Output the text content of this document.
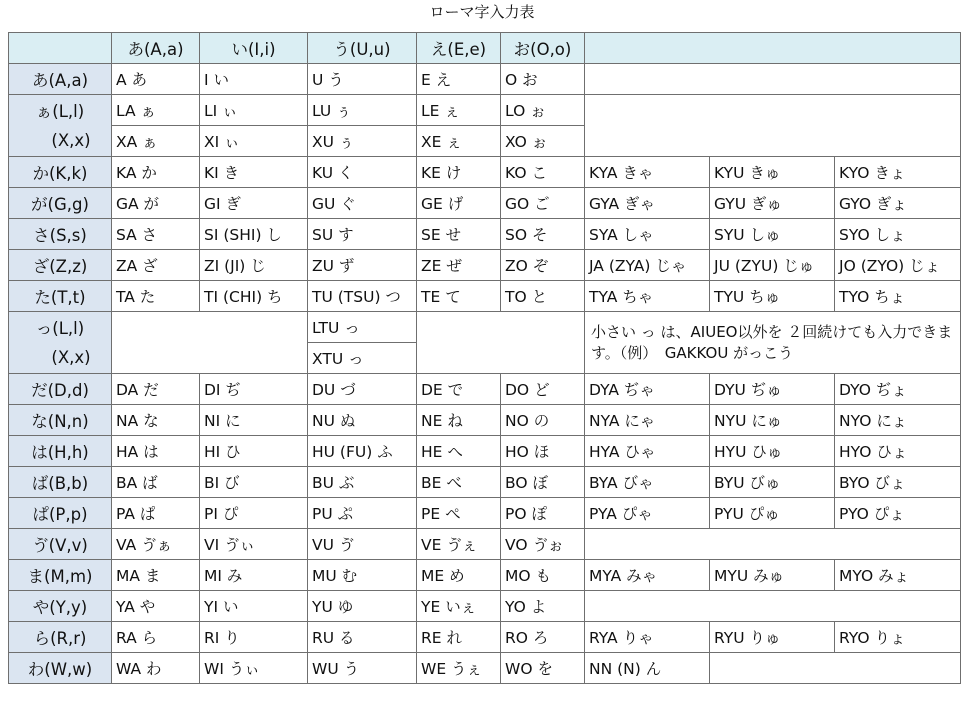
ローマ字入力表
	あ(A,a)	い(I,i)	う(U,u)	え(E,e)	お(O,o)			
あ(A,a)	A あ	I い	U う	E え	O お			
ぁ(L,l)	LA ぁ	LI ぃ	LU ぅ	LE ぇ	LO ぉ			
(X,x)	XA ぁ	XI ぃ	XU ぅ	XE ぇ	XO ぉ			
か(K,k)	KA か	KI き	KU く	KE け	KO こ	KYA きゃ	KYU きゅ	KYO きょ
が(G,g)	GA が	GI ぎ	GU ぐ	GE げ	GO ご	GYA ぎゃ	GYU ぎゅ	GYO ぎょ
さ(S,s)	SA さ	SI (SHI) し	SU す	SE せ	SO そ	SYA しゃ	SYU しゅ	SYO しょ
ざ(Z,z)	ZA ざ	ZI (JI) じ	ZU ず	ZE ぜ	ZO ぞ	JA (ZYA) じゃ	JU (ZYU) じゅ	JO (ZYO) じょ
た(T,t)	TA た	TI (CHI) ち	TU (TSU) つ	TE て	TO と	TYA ちゃ	TYU ちゅ	TYO ちょ
っ(L,l)			LTU っ			小さい っ は、AIUEO以外を ２回続けても入力できます。（例）　GAKKOU がっこう		
(X,x)			XTU っ					
だ(D,d)	DA だ	DI ぢ	DU づ	DE で	DO ど	DYA ぢゃ	DYU ぢゅ	DYO ぢょ
な(N,n)	NA な	NI に	NU ぬ	NE ね	NO の	NYA にゃ	NYU にゅ	NYO にょ
は(H,h)	HA は	HI ひ	HU (FU) ふ	HE へ	HO ほ	HYA ひゃ	HYU ひゅ	HYO ひょ
ば(B,b)	BA ば	BI び	BU ぶ	BE べ	BO ぼ	BYA びゃ	BYU びゅ	BYO びょ
ぱ(P,p)	PA ぱ	PI ぴ	PU ぷ	PE ぺ	PO ぽ	PYA ぴゃ	PYU ぴゅ	PYO ぴょ
ゔ(V,v)	VA ゔぁ	VI ゔぃ	VU ゔ	VE ゔぇ	VO ゔぉ			
ま(M,m)	MA ま	MI み	MU む	ME め	MO も	MYA みゃ	MYU みゅ	MYO みょ
や(Y,y)	YA や	YI い	YU ゆ	YE いぇ	YO よ			
ら(R,r)	RA ら	RI り	RU る	RE れ	RO ろ	RYA りゃ	RYU りゅ	RYO りょ
わ(W,w)	WA わ	WI うぃ	WU う	WE うぇ	WO を	NN (N) ん		
